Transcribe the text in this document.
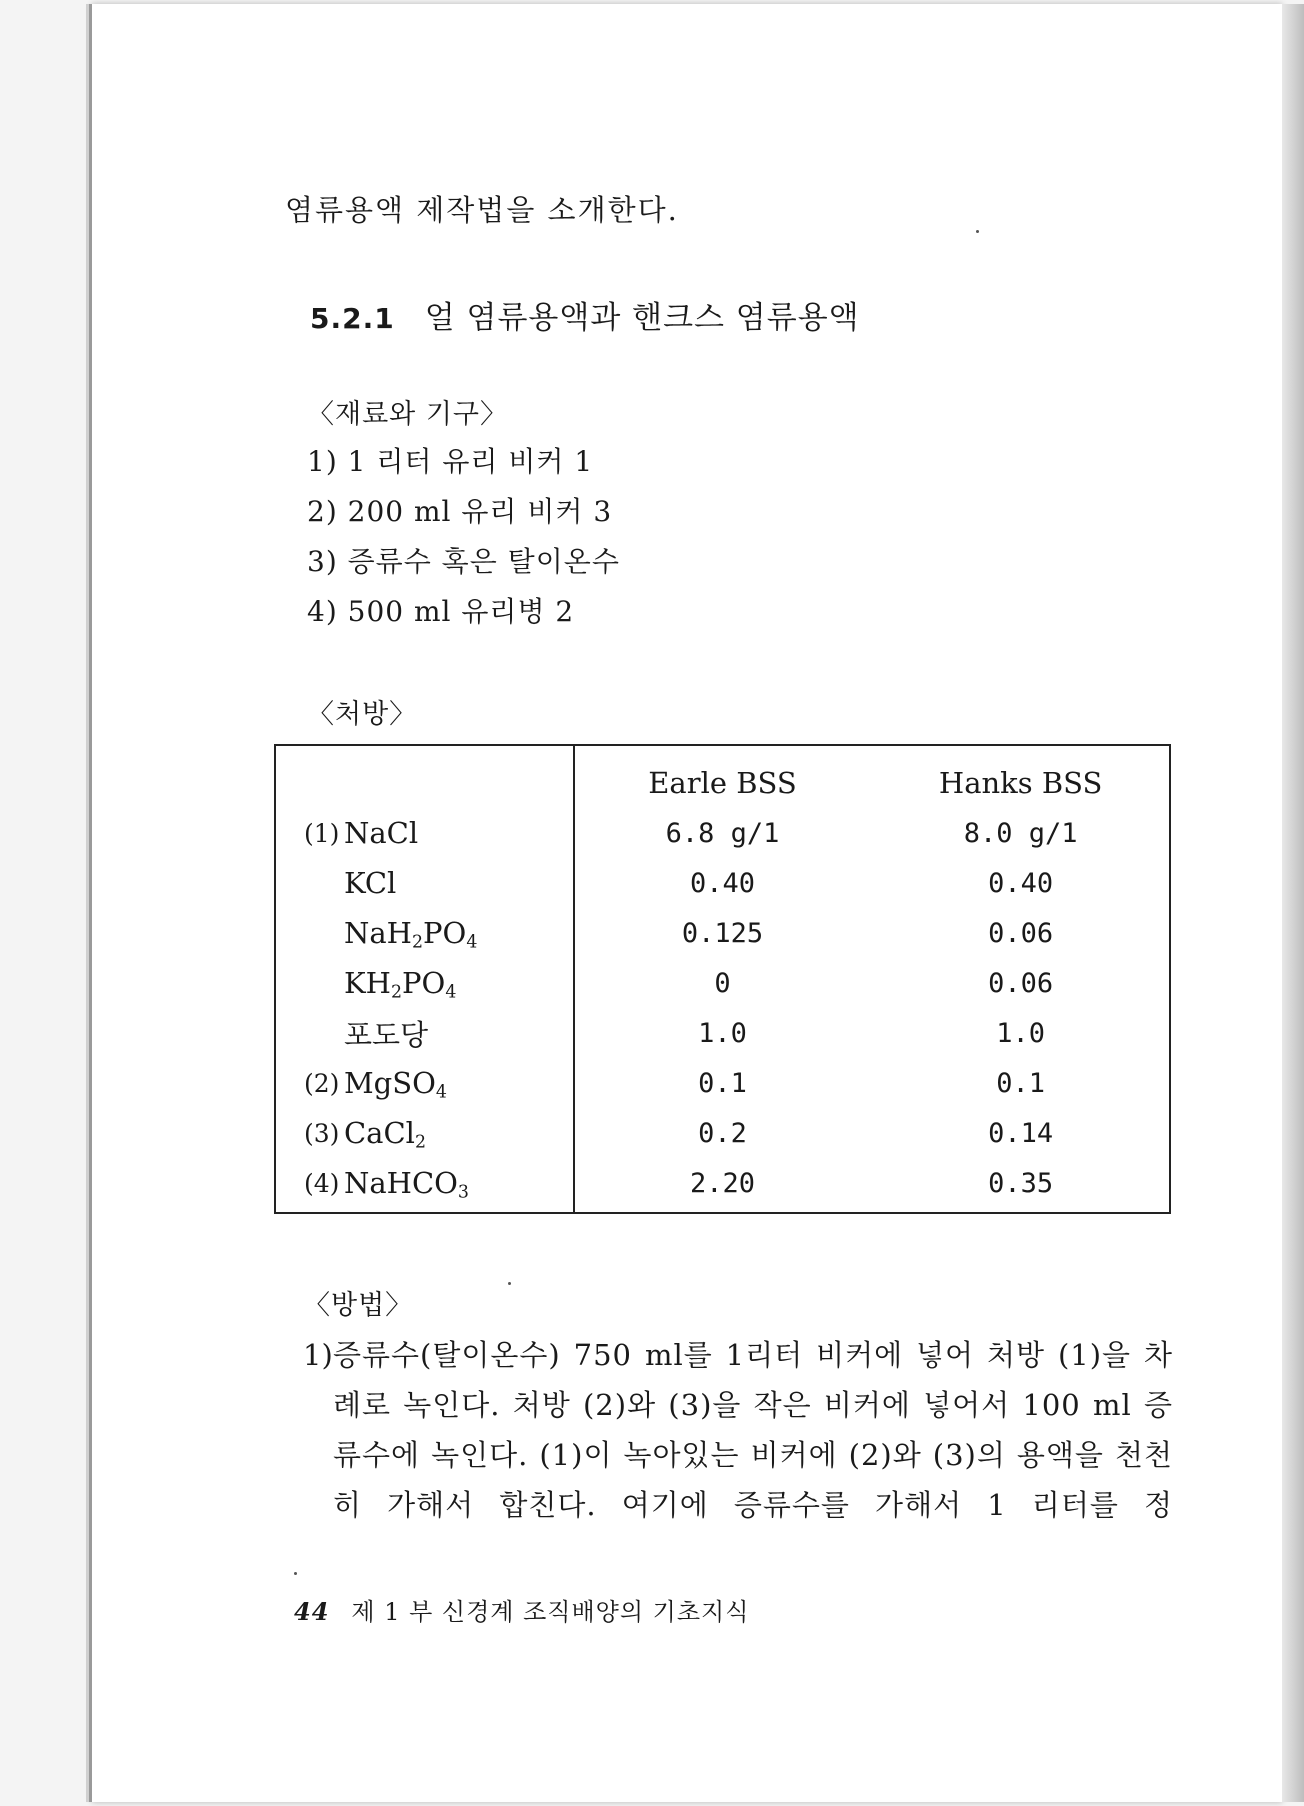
염류용액 제작법을 소개한다.
5.2.1 얼 염류용액과 핸크스 염류용액
〈재료와 기구〉
1) 1 리터 유리 비커 1
2) 200 ml 유리 비커 3
3) 증류수 혹은 탈이온수
4) 500 ml 유리병 2
〈처방〉
		Earle BSS	Hanks BSS
(1)	NaCl	6.8 g/1	8.0 g/1
	KCl	0.40	0.40
	$NaH_2PO_4$	0.125	0.06
	$KH_2PO_4$	0	0.06
	포도당	1.0	1.0
(2)	MgSO$_4$	0.1	0.1
(3)	CaCl$_2$	0.2	0.14
(4)	NaHCO$_3$	2.20	0.35
〈방법〉
1) 증류수(탈이온수) 750 ml를 1리터 비커에 넣어 처방 (1)을 차례로 녹인다. 처방 (2)와 (3)을 작은 비커에 넣어서 100 ml 증류수에 녹인다. (1)이 녹아있는 비커에 (2)와 (3)의 용액을 천천히 가해서 합친다. 여기에 증류수를 가해서 1 리터를 정
44 제 1 부 신경계 조직배양의 기초지식
